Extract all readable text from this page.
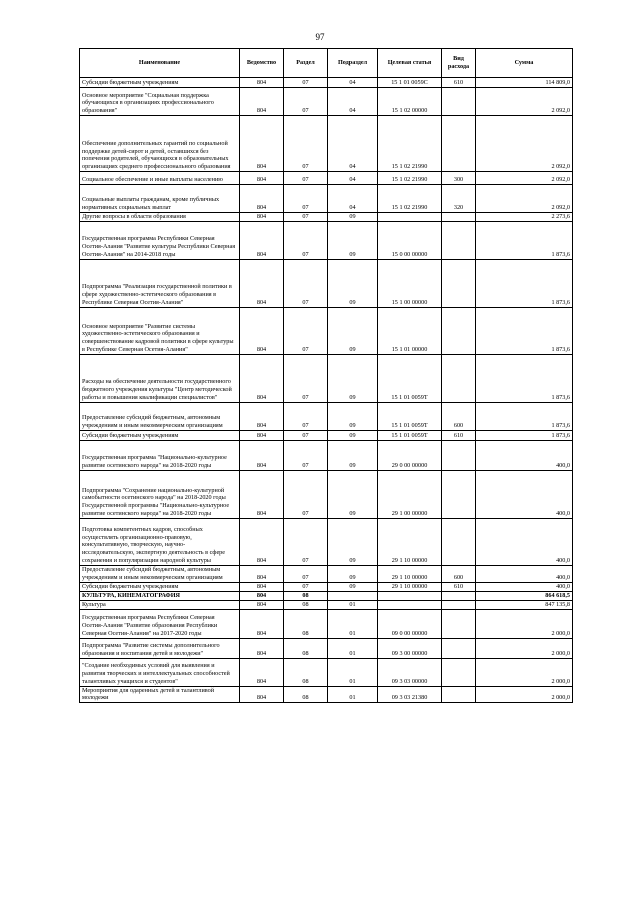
97
Наименование	Ведомство	Раздел	Подраздел	Целевая статья	Вид расхода	Сумма
Субсидии бюджетным учреждениям	804	07	04	15 1 01 0059С	610	114 809,0
Основное мероприятие "Социальная поддержка обучающихся в организациях профессионального образования"	804	07	04	15 1 02 00000		2 092,0
Обеспечение дополнительных гарантий по социальной поддержке детей-сирот и детей, оставшихся без попечения родителей, обучающихся в образовательных организациях среднего профессионального образования	804	07	04	15 1 02 21990		2 092,0
Социальное обеспечение и иные выплаты населению	804	07	04	15 1 02 21990	300	2 092,0
Социальные выплаты гражданам, кроме публичных нормативных социальных выплат	804	07	04	15 1 02 21990	320	2 092,0
Другие вопросы в области образования	804	07	09			2 273,6
Государственная программа Республики Северная Осетия-Алания "Развитие культуры Республики Северная Осетия-Алания" на 2014-2018 годы	804	07	09	15 0 00 00000		1 873,6
Подпрограмма "Реализация государственной политики в сфере художественно-эстетического образования в Республике Северная Осетия-Алания"	804	07	09	15 1 00 00000		1 873,6
Основное мероприятие "Развитие системы художественно-эстетического образования и совершенствование кадровой политики в сфере культуры в Республике Северная Осетия-Алания"	804	07	09	15 1 01 00000		1 873,6
Расходы на обеспечение деятельности государственного бюджетного учреждения культуры "Центр методической работы и повышения квалификации специалистов"	804	07	09	15 1 01 0059Т		1 873,6
Предоставление субсидий бюджетным, автономным учреждениям и иным некоммерческим организациям	804	07	09	15 1 01 0059Т	600	1 873,6
Субсидии бюджетным учреждениям	804	07	09	15 1 01 0059Т	610	1 873,6
Государственная программа "Национально-культурное развитие осетинского народа" на 2018-2020 годы	804	07	09	29 0 00 00000		400,0
Подпрограмма "Сохранение национально-культурной самобытности осетинского народа" на 2018-2020 годы Государственной программы "Национально-культурное развитие осетинского народа" на 2018-2020 годы	804	07	09	29 1 00 00000		400,0
Подготовка компетентных кадров, способных осуществлять организационно-правовую, консультативную, творческую, научно-исследовательскую, экспертную деятельность в сфере сохранения и популяризации народной культуры	804	07	09	29 1 10 00000		400,0
Предоставление субсидий бюджетным, автономным учреждениям и иным некоммерческим организациям	804	07	09	29 1 10 00000	600	400,0
Субсидии бюджетным учреждениям	804	07	09	29 1 10 00000	610	400,0
КУЛЬТУРА, КИНЕМАТОГРАФИЯ	804	08				864 618,5
Культура	804	08	01			847 135,8
Государственная программа Республики Северная Осетия-Алания "Развитие образования Республики Северная Осетия-Алания" на 2017-2020 годы	804	08	01	09 0 00 00000		2 000,0
Подпрограмма "Развитие системы дополнительного образования и воспитания детей и молодежи"	804	08	01	09 3 00 00000		2 000,0
"Создание необходимых условий для выявления и развития творческих и интеллектуальных способностей талантливых учащихся и студентов"	804	08	01	09 3 03 00000		2 000,0
Мероприятия для одаренных детей и талантливой молодежи	804	08	01	09 3 03 21380		2 000,0
